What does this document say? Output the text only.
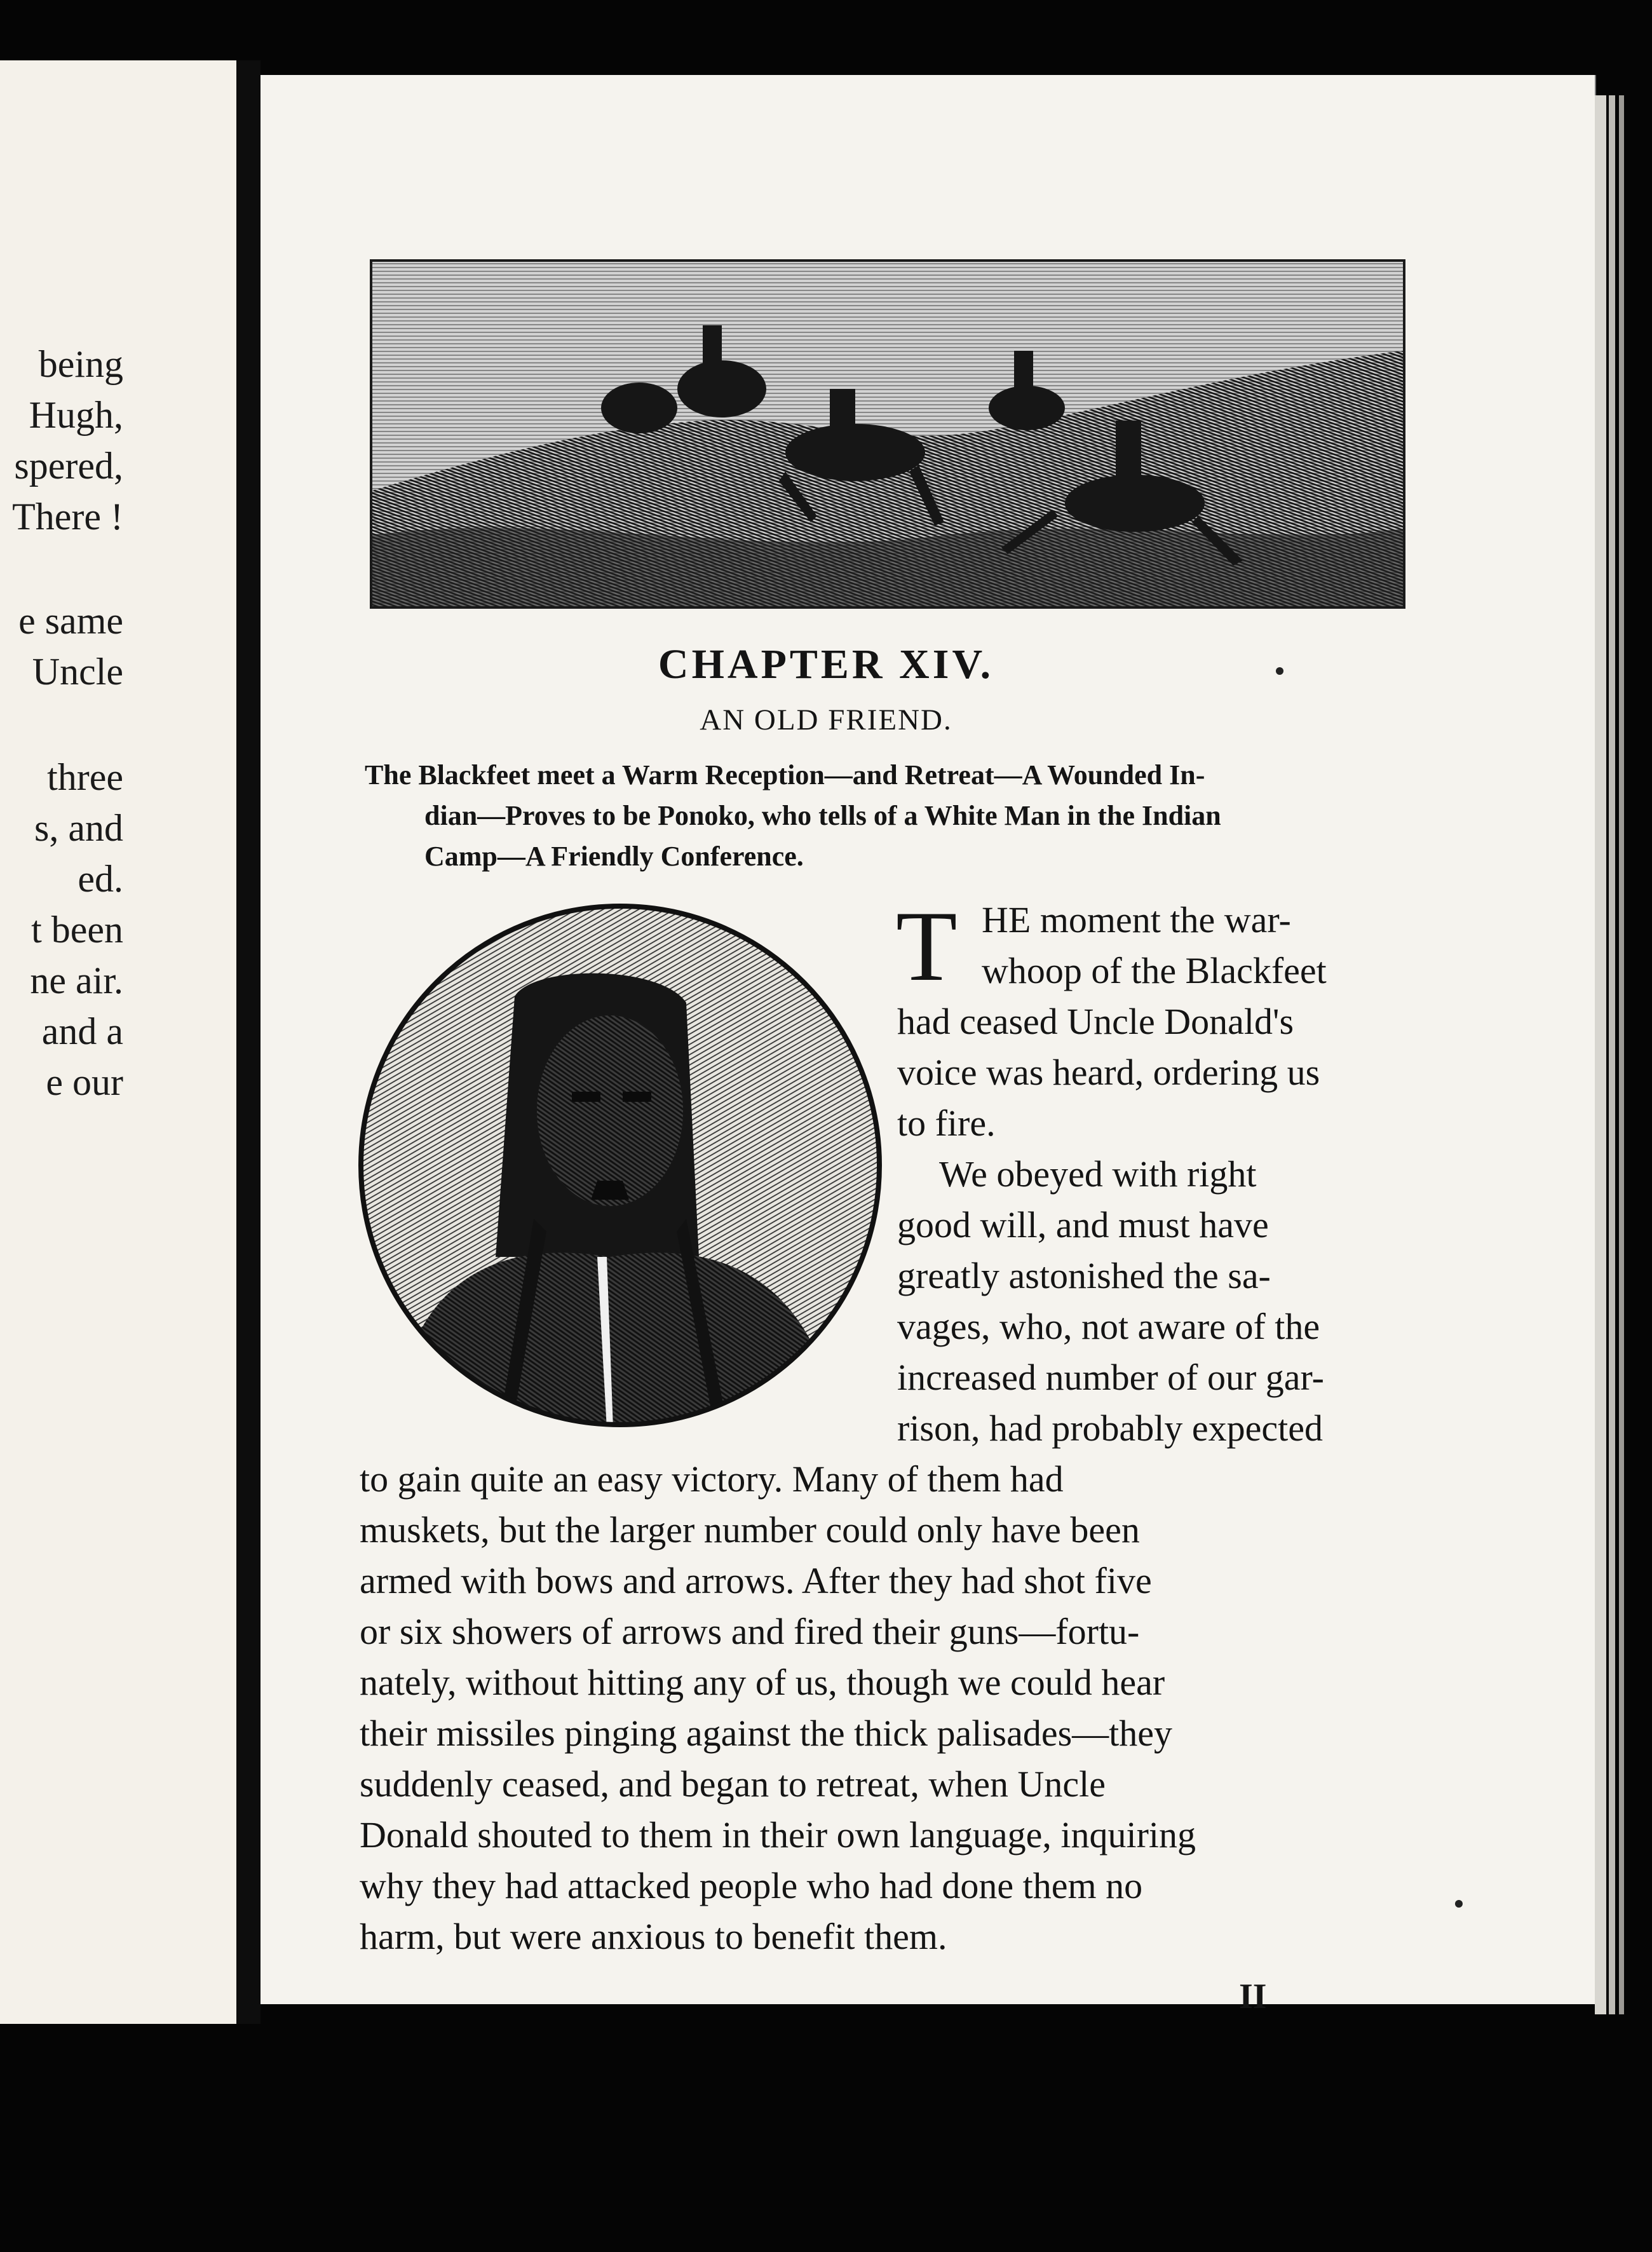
being
Hugh,
spered,
There !
e same
Uncle
three
s, and
ed.
t been
ne air.
and a
e our
CHAPTER XIV.
AN OLD FRIEND.
The Blackfeet meet a Warm Reception—and Retreat—A Wounded In-
dian—Proves to be Ponoko, who tells of a White Man in the Indian
Camp—A Friendly Conference.
T HE moment the war-
whoop of the Blackfeet
had ceased Uncle Donald's
voice was heard, ordering us
to fire.
We obeyed with right
good will, and must have
greatly astonished the sa-
vages, who, not aware of the
increased number of our gar-
rison, had probably expected
to gain quite an easy victory. Many of them had
muskets, but the larger number could only have been
armed with bows and arrows. After they had shot five
or six showers of arrows and fired their guns—fortu-
nately, without hitting any of us, though we could hear
their missiles pinging against the thick palisades—they
suddenly ceased, and began to retreat, when Uncle
Donald shouted to them in their own language, inquiring
why they had attacked people who had done them no
harm, but were anxious to benefit them.
II
